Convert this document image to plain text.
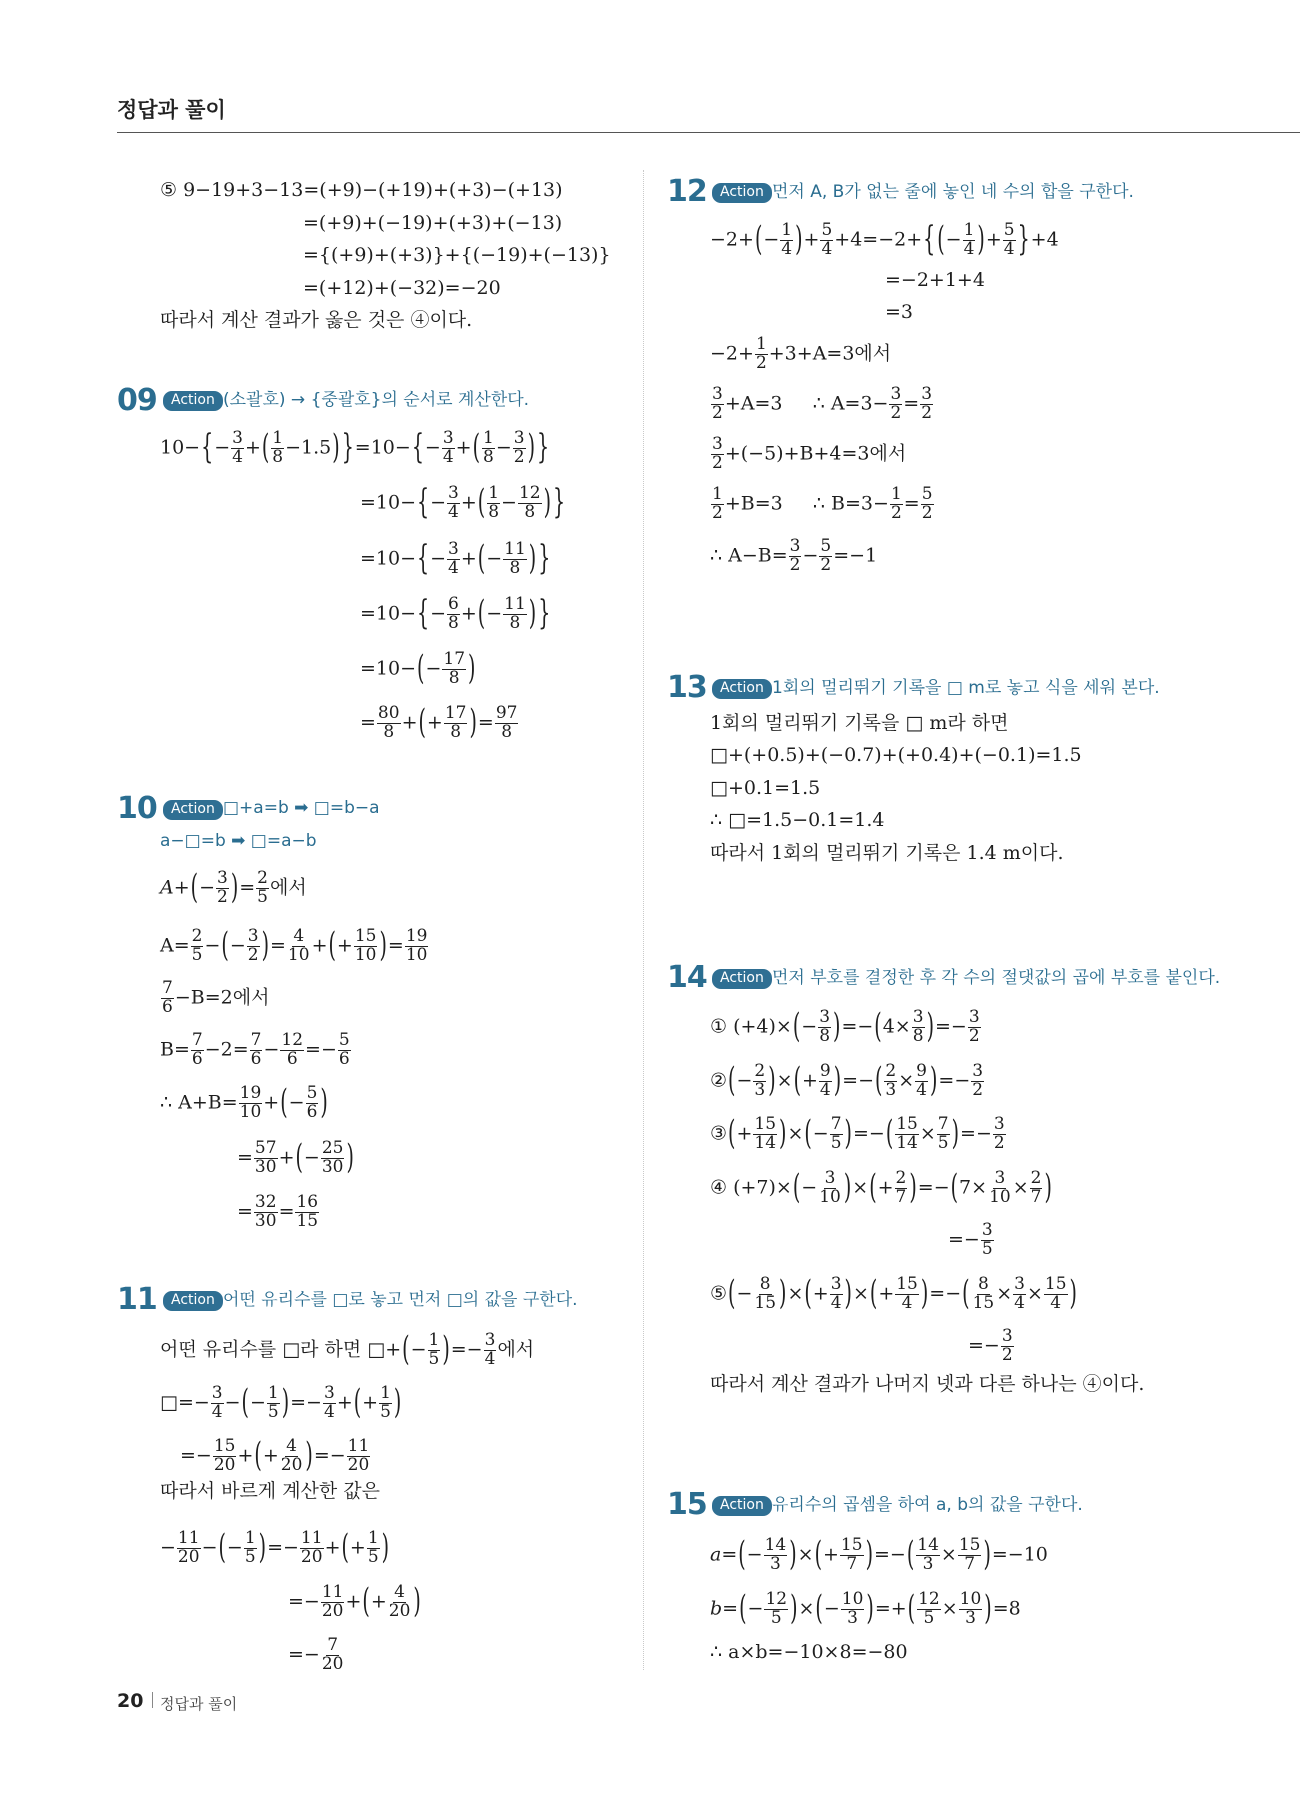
정답과 풀이
⑤ 9−19+3−13=(+9)−(+19)+(+3)−(+13)
=(+9)+(−19)+(+3)+(−13)
={(+9)+(+3)}+{(−19)+(−13)}
=(+12)+(−32)=−20
따라서 계산 결과가 옳은 것은 ④이다.
09	Action (소괄호) → {중괄호}의 순서로 계산한다.
$10-\{- \frac{3}{4}$ +( $\frac{1}{8} -1.5$) }$=10-\{- \frac{3}{4}$ +( $\frac{1}{8} - \frac{3}{2}$ ) }
$=10-\{- \frac{3}{4}$ +( $\frac{1}{8} - \frac{12}{8}$ ) }
$=10-\{- \frac{3}{4}$ +(− $\frac{11}{8}$ ) }
$=10-\{- \frac{6}{8}$ +(− $\frac{11}{8}$ ) }
$=10-(- \frac{17}{8}$ )
= $\frac{80}{8}$ +(+ $\frac{17}{8}$ )= $\frac{97}{8}$
10	Action □+a=b ➡ □=b−a
a−□=b ➡ □=a−b
$A+(- \frac{3}{2}$ )= $\frac{2}{5}$ 에서
$A= \frac{2}{5}$ −(− $\frac{3}{2}$ )= $\frac{4}{10}$ +(+ $\frac{15}{10}$ )= $\frac{19}{10}$
$\frac{7}{6} -B=2$에서
$B= \frac{7}{6} -2= \frac{7}{6} - \frac{12}{6} =- \frac{5}{6}$
∴ $A+B= \frac{19}{10}$ +(− $\frac{5}{6}$ )
= $\frac{57}{30}$ +(− $\frac{25}{30}$ )
= $\frac{32}{30} = \frac{16}{15}$
11	Action 어떤 유리수를 □로 놓고 먼저 □의 값을 구한다.
어떤 유리수를 □라 하면 □+(− $\frac{1}{5}$ )=− $\frac{3}{4}$ 에서
□=− $\frac{3}{4}$ −(− $\frac{1}{5}$ )=− $\frac{3}{4}$ +(+ $\frac{1}{5}$ )
=− $\frac{15}{20}$ +(+ $\frac{4}{20}$ )=− $\frac{11}{20}$
따라서 바르게 계산한 값은
− $\frac{11}{20}$ −(− $\frac{1}{5}$ )=− $\frac{11}{20}$ +(+ $\frac{1}{5}$ )
=− $\frac{11}{20}$ +(+ $\frac{4}{20}$ )
=− $\frac{7}{20}$
12 Action 먼저 A, B가 없는 줄에 놓인 네 수의 합을 구한다.
$-2+(- \frac{1}{4}$ )+ $\frac{5}{4} +4=-2+${ (− $\frac{1}{4}$ )+ $\frac{5}{4} \}+4$
=−2+1+4
=3
$-2+ \frac{1}{2} +3+A=3$에서
$\frac{3}{2} +A=3$ ∴ $A=3- \frac{3}{2} = \frac{3}{2}$
$\frac{3}{2} +(-5)+B+4=3$에서
$\frac{1}{2} +B=3$ ∴ $B=3- \frac{1}{2} = \frac{5}{2}$
∴ $A-B= \frac{3}{2} - \frac{5}{2} =-1$
13 Action 1회의 멀리뛰기 기록을 □ m로 놓고 식을 세워 본다.
1회의 멀리뛰기 기록을 □ m라 하면
□+(+0.5)+(−0.7)+(+0.4)+(−0.1)=1.5
□+0.1=1.5
∴ □=1.5−0.1=1.4
따라서 1회의 멀리뛰기 기록은 1.4 m이다.
14 Action 먼저 부호를 결정한 후 각 수의 절댓값의 곱에 부호를 붙인다.
① $(+4)\times(- \frac{3}{8} )=-(4\times \frac{3}{8}$ )=− $\frac{3}{2}$
②(− $\frac{2}{3}$ )×(+ $\frac{9}{4}$ )=−( $\frac{2}{3} \times \frac{9}{4}$ )=− $\frac{3}{2}$
③(+ $\frac{15}{14}$ )×(− $\frac{7}{5}$ )=−( $\frac{15}{14} \times \frac{7}{5}$ )=− $\frac{3}{2}$
④ $(+7)\times(- \frac{3}{10}$ )×(+ $\frac{2}{7} )=-(7\times \frac{3}{10} \times \frac{2}{7}$ )
=− $\frac{3}{5}$
⑤(− $\frac{8}{15}$ )×(+ $\frac{3}{4}$ )×(+ $\frac{15}{4}$ )=−( $\frac{8}{15} \times \frac{3}{4} \times \frac{15}{4}$ )
=− $\frac{3}{2}$
따라서 계산 결과가 나머지 넷과 다른 하나는 ④이다.
15 Action 유리수의 곱셈을 하여 a, b의 값을 구한다.
$a=(- \frac{14}{3}$ )×(+ $\frac{15}{7}$ )=−( $\frac{14}{3} \times \frac{15}{7} )=-10$
$b=(- \frac{12}{5}$ )×(− $\frac{10}{3}$ )=+( $\frac{12}{5} \times \frac{10}{3} )=8$
∴ a×b=−10×8=−80
20 정답과 풀이
